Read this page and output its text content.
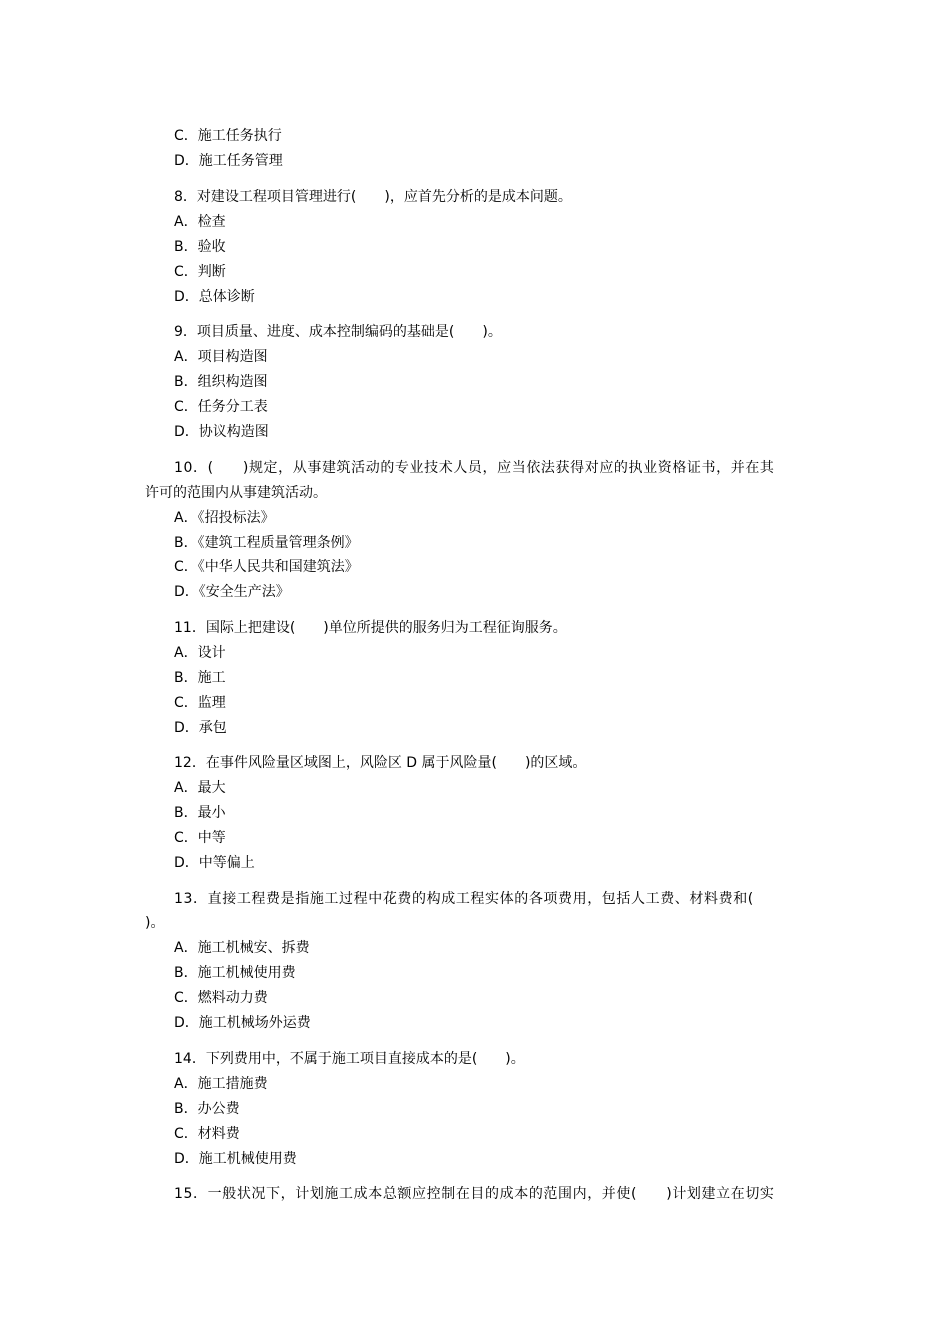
C．施工任务执行
D．施工任务管理
8．对建设工程项目管理进行(　　)，应首先分析的是成本问题。
A．检查
B．验收
C．判断
D．总体诊断
9．项目质量、进度、成本控制编码的基础是(　　)。
A．项目构造图
B．组织构造图
C．任务分工表
D．协议构造图
10．(　　)规定，从事建筑活动的专业技术人员，应当依法获得对应的执业资格证书，并在其
许可的范围内从事建筑活动。
A．《招投标法》
B．《建筑工程质量管理条例》
C．《中华人民共和国建筑法》
D．《安全生产法》
11．国际上把建设(　　)单位所提供的服务归为工程征询服务。
A．设计
B．施工
C．监理
D．承包
12．在事件风险量区域图上，风险区 D 属于风险量(　　)的区域。
A．最大
B．最小
C．中等
D．中等偏上
13．直接工程费是指施工过程中花费的构成工程实体的各项费用，包括人工费、材料费和(
)。
A．施工机械安、拆费
B．施工机械使用费
C．燃料动力费
D．施工机械场外运费
14．下列费用中，不属于施工项目直接成本的是(　　)。
A．施工措施费
B．办公费
C．材料费
D．施工机械使用费
15．一般状况下，计划施工成本总额应控制在目的成本的范围内，并使(　　)计划建立在切实
